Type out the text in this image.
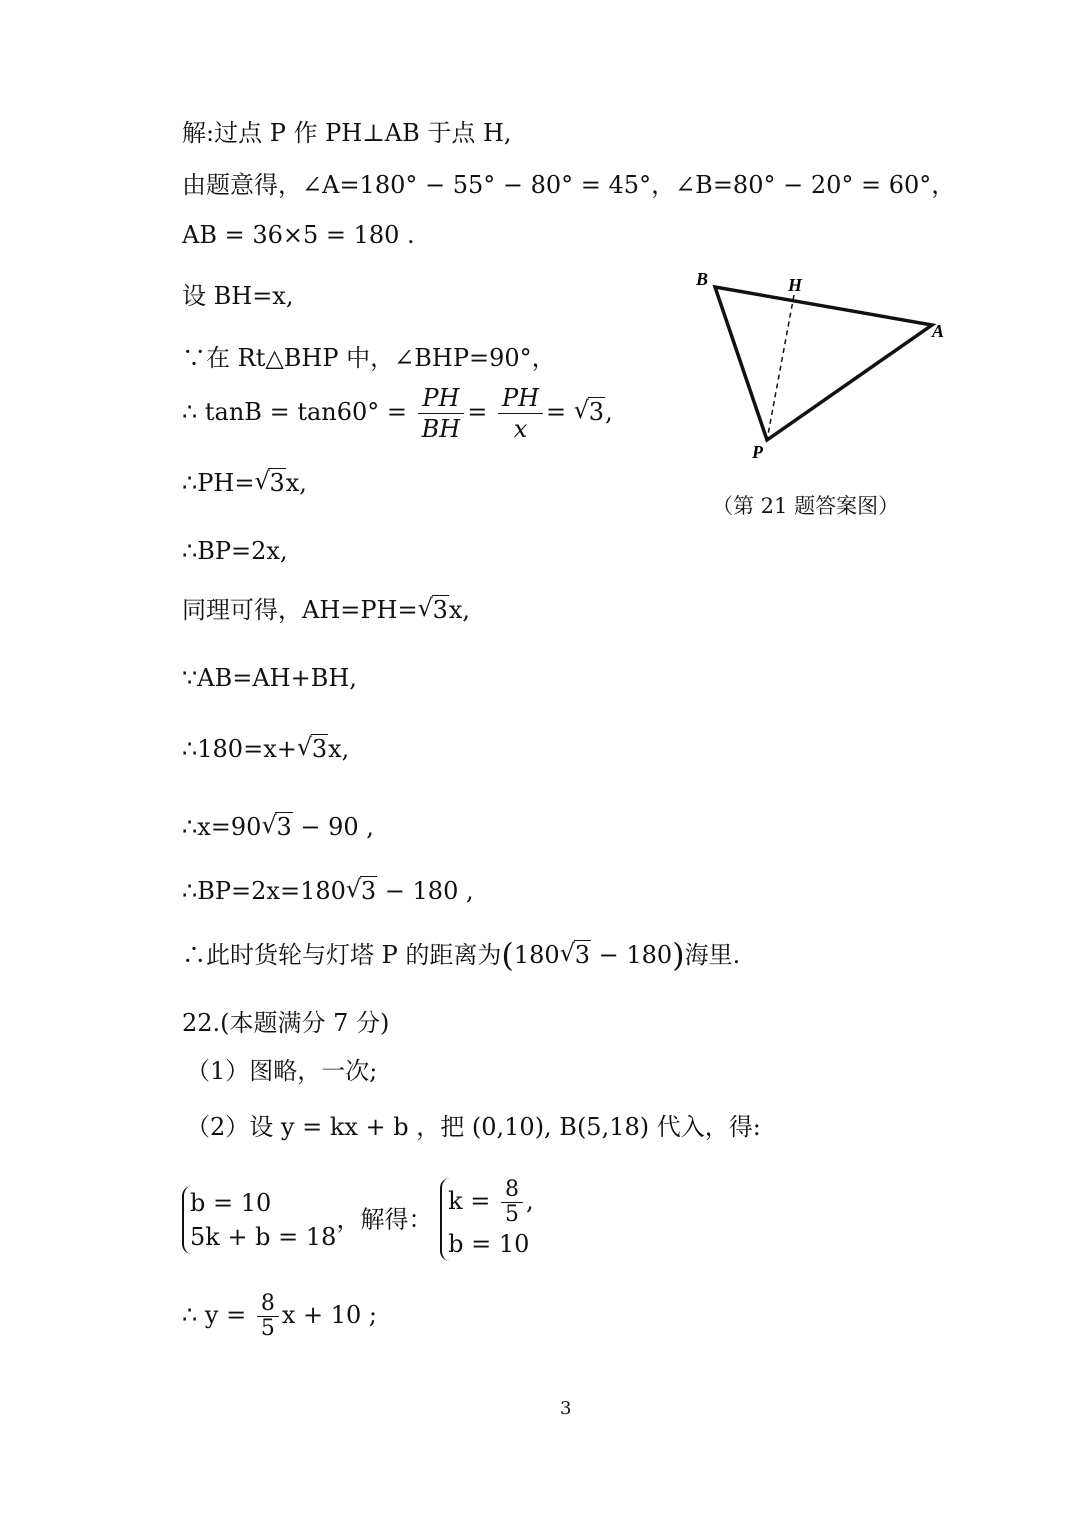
解:过点 P 作 PH⊥AB 于点 H,
由题意得，∠A=180° − 55° − 80° = 45°，∠B=80° − 20° = 60°，
AB = 36×5 = 180 .
设 BH=x,
∵在 Rt△BHP 中，∠BHP=90°，
∴ $\tan B = \tan 60^\circ = \frac{PH}{BH} = \frac{PH}{x}$ = √ 3,
∴PH= √ 3x,
∴BP=2x,
同理可得，AH=PH= √ 3x,
∵AB=AH+BH,
∴180=x+ √ 3x,
∴x=90 √ 3 − 90 ,
∴BP=2x=180 √ 3 − 180 ,
∴此时货轮与灯塔 P 的距离为(180 √ 3 − 180)海里.
B	H
A
P
（第 21 题答案图）
22.(本题满分 7 分)
（1）图略，一次;
（2）设 y = kx + b ，把 (0,10), B(5,18) 代入，得:
b = 10
5k + b = 18
，解得：
$k = \frac{8}{5}$ ,
b = 10
∴ $y = \frac{8}{5}$ x + 10 ;
3
